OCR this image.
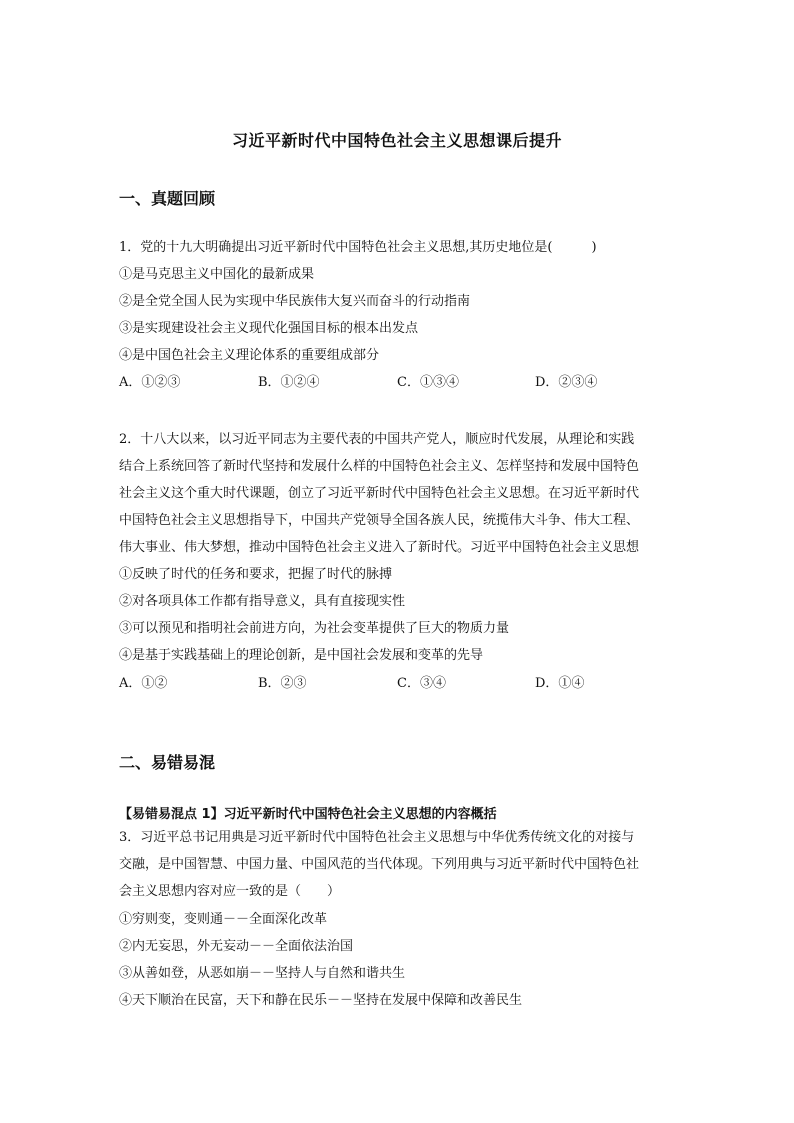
习近平新时代中国特色社会主义思想课后提升
一、真题回顾
1．党的十九大明确提出习近平新时代中国特色社会主义思想,其历史地位是(　　　)
①是马克思主义中国化的最新成果
②是全党全国人民为实现中华民族伟大复兴而奋斗的行动指南
③是实现建设社会主义现代化强国目标的根本出发点
④是中国色社会主义理论体系的重要组成部分
A．①②③	B．①②④	C．①③④	D．②③④
2．十八大以来，以习近平同志为主要代表的中国共产党人，顺应时代发展，从理论和实践
结合上系统回答了新时代坚持和发展什么样的中国特色社会主义、怎样坚持和发展中国特色
社会主义这个重大时代课题，创立了习近平新时代中国特色社会主义思想。在习近平新时代
中国特色社会主义思想指导下，中国共产党领导全国各族人民，统揽伟大斗争、伟大工程、
伟大事业、伟大梦想，推动中国特色社会主义进入了新时代。习近平中国特色社会主义思想
①反映了时代的任务和要求，把握了时代的脉搏
②对各项具体工作都有指导意义，具有直接现实性
③可以预见和指明社会前进方向，为社会变革提供了巨大的物质力量
④是基于实践基础上的理论创新，是中国社会发展和变革的先导
A．①②	B．②③	C．③④	D．①④
二、易错易混
【易错易混点 1】习近平新时代中国特色社会主义思想的内容概括
3．习近平总书记用典是习近平新时代中国特色社会主义思想与中华优秀传统文化的对接与
交融，是中国智慧、中国力量、中国风范的当代体现。下列用典与习近平新时代中国特色社
会主义思想内容对应一致的是（　　）
①穷则变，变则通－－全面深化改革
②内无妄思，外无妄动－－全面依法治国
③从善如登，从恶如崩－－坚持人与自然和谐共生
④天下顺治在民富，天下和静在民乐－－坚持在发展中保障和改善民生
